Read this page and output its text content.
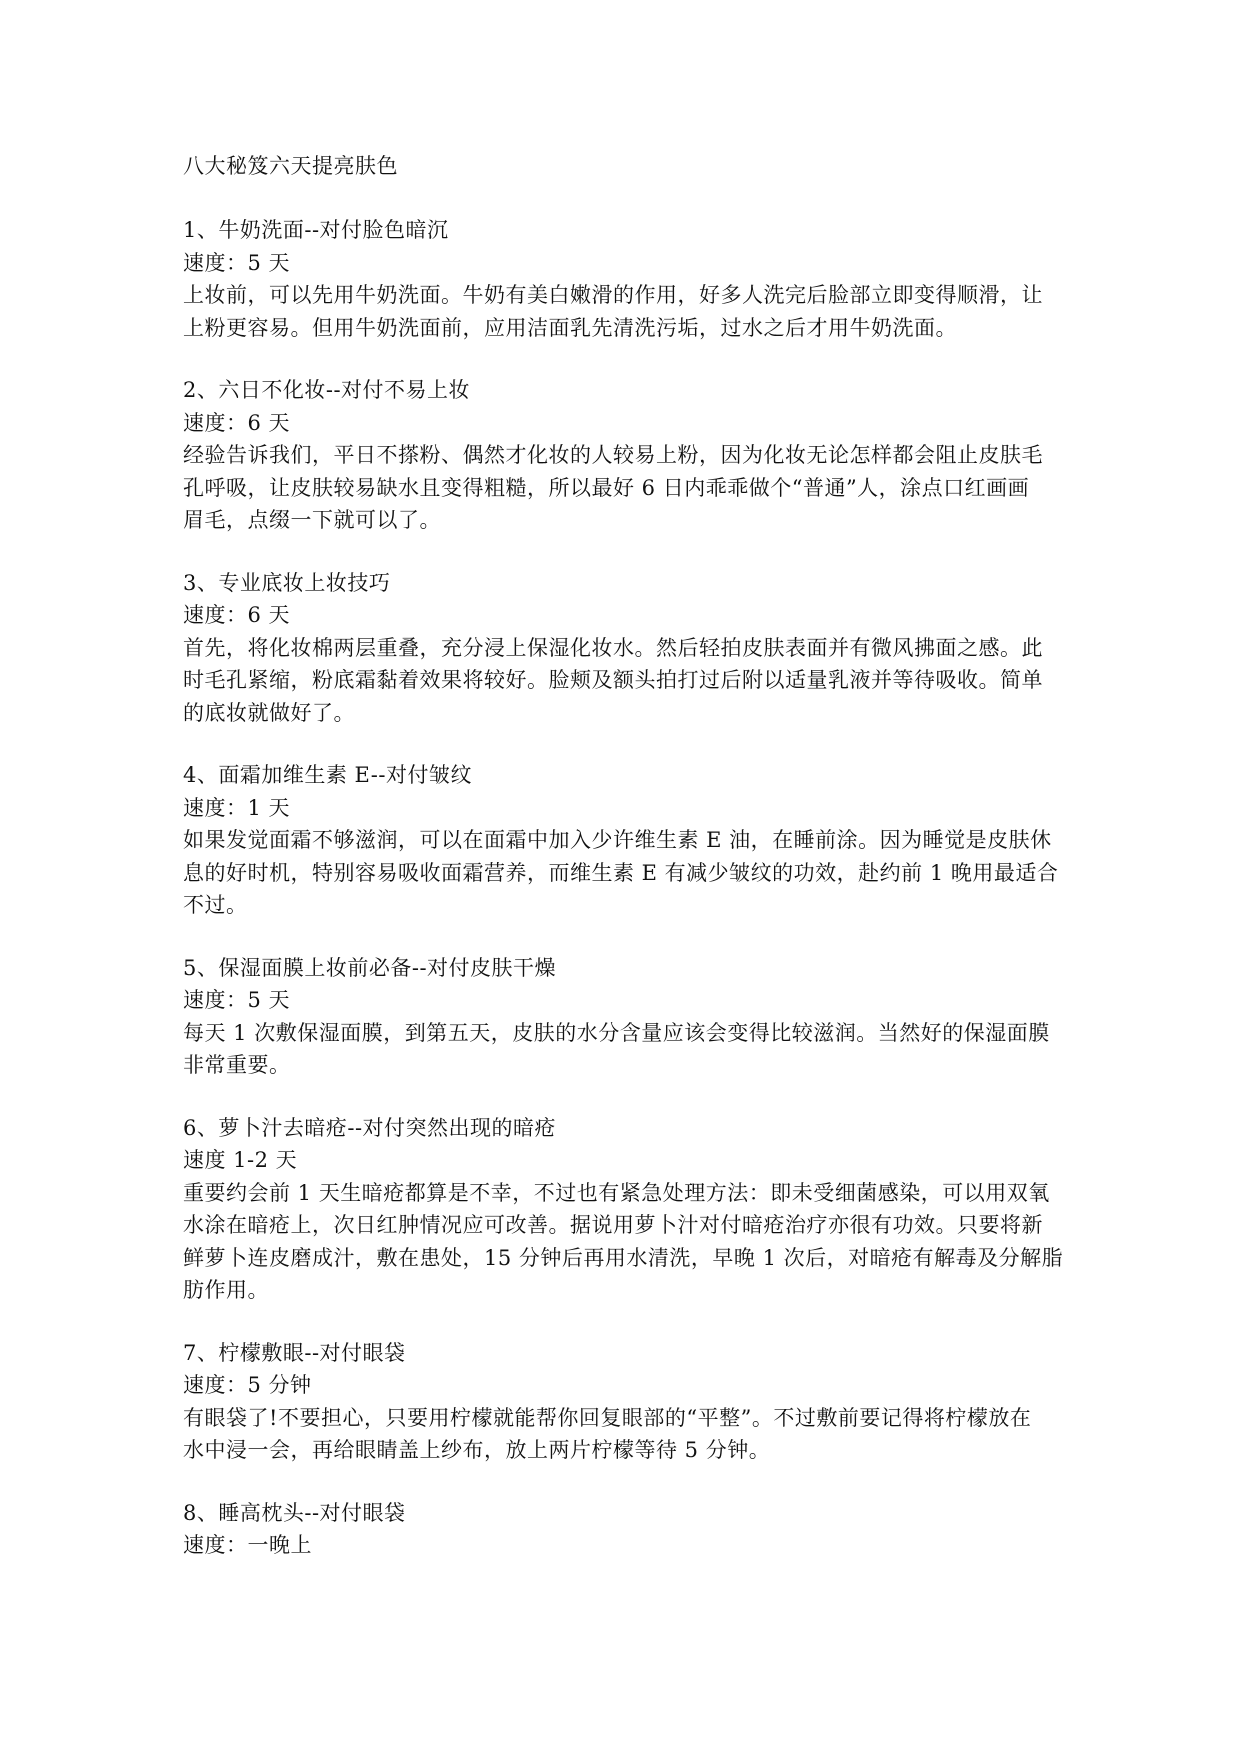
八大秘笈六天提亮肤色
1、牛奶洗面--对付脸色暗沉
速度：5 天
上妆前，可以先用牛奶洗面。牛奶有美白嫩滑的作用，好多人洗完后脸部立即变得顺滑，让
上粉更容易。但用牛奶洗面前，应用洁面乳先清洗污垢，过水之后才用牛奶洗面。
2、六日不化妆--对付不易上妆
速度：6 天
经验告诉我们，平日不搽粉、偶然才化妆的人较易上粉，因为化妆无论怎样都会阻止皮肤毛
孔呼吸，让皮肤较易缺水且变得粗糙，所以最好 6 日内乖乖做个“普通”人，涂点口红画画
眉毛，点缀一下就可以了。
3、专业底妆上妆技巧
速度：6 天
首先，将化妆棉两层重叠，充分浸上保湿化妆水。然后轻拍皮肤表面并有微风拂面之感。此
时毛孔紧缩，粉底霜黏着效果将较好。脸颊及额头拍打过后附以适量乳液并等待吸收。简单
的底妆就做好了。
4、面霜加维生素 E--对付皱纹
速度：1 天
如果发觉面霜不够滋润，可以在面霜中加入少许维生素 E 油，在睡前涂。因为睡觉是皮肤休
息的好时机，特别容易吸收面霜营养，而维生素 E 有减少皱纹的功效，赴约前 1 晚用最适合
不过。
5、保湿面膜上妆前必备--对付皮肤干燥
速度：5 天
每天 1 次敷保湿面膜，到第五天，皮肤的水分含量应该会变得比较滋润。当然好的保湿面膜
非常重要。
6、萝卜汁去暗疮--对付突然出现的暗疮
速度 1-2 天
重要约会前 1 天生暗疮都算是不幸，不过也有紧急处理方法：即未受细菌感染，可以用双氧
水涂在暗疮上，次日红肿情况应可改善。据说用萝卜汁对付暗疮治疗亦很有功效。只要将新
鲜萝卜连皮磨成汁，敷在患处，15 分钟后再用水清洗，早晚 1 次后，对暗疮有解毒及分解脂
肪作用。
7、柠檬敷眼--对付眼袋
速度：5 分钟
有眼袋了!不要担心，只要用柠檬就能帮你回复眼部的“平整”。不过敷前要记得将柠檬放在
水中浸一会，再给眼睛盖上纱布，放上两片柠檬等待 5 分钟。
8、睡高枕头--对付眼袋
速度：一晚上
